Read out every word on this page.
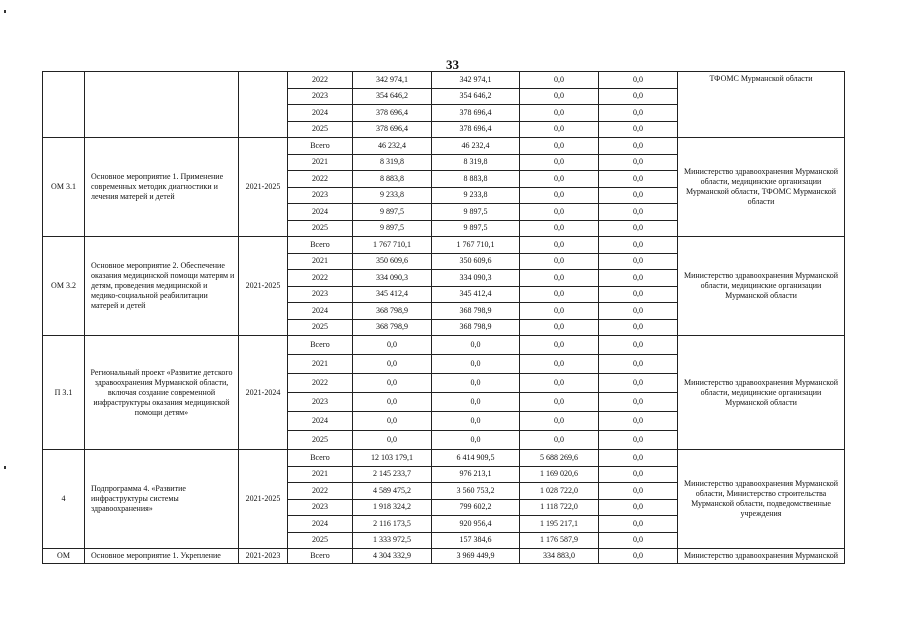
33
			2022	342 974,1	342 974,1	0,0	0,0	ТФОМС Мурманской области
			2023	354 646,2	354 646,2	0,0	0,0	
			2024	378 696,4	378 696,4	0,0	0,0	
			2025	378 696,4	378 696,4	0,0	0,0	
ОМ 3.1	Основное мероприятие 1. Применение современных методик диагностики и лечения матерей и детей	2021-2025	Всего	46 232,4	46 232,4	0,0	0,0	Министерство здравоохранения Мурманской области, медицинские организации Мурманской области, ТФОМС Мурманской области
			2021	8 319,8	8 319,8	0,0	0,0	
			2022	8 883,8	8 883,8	0,0	0,0	
			2023	9 233,8	9 233,8	0,0	0,0	
			2024	9 897,5	9 897,5	0,0	0,0	
			2025	9 897,5	9 897,5	0,0	0,0	
ОМ 3.2	Основное мероприятие 2. Обеспечение оказания медицинской помощи матерям и детям, проведения медицинской и медико-социальной реабилитации матерей и детей	2021-2025	Всего	1 767 710,1	1 767 710,1	0,0	0,0	Министерство здравоохранения Мурманской области, медицинские организации Мурманской области
			2021	350 609,6	350 609,6	0,0	0,0	
			2022	334 090,3	334 090,3	0,0	0,0	
			2023	345 412,4	345 412,4	0,0	0,0	
			2024	368 798,9	368 798,9	0,0	0,0	
			2025	368 798,9	368 798,9	0,0	0,0	
П 3.1	Региональный проект «Развитие детского здравоохранения Мурманской области, включая создание современной инфраструктуры оказания медицинской помощи детям»	2021-2024	Всего	0,0	0,0	0,0	0,0	Министерство здравоохранения Мурманской области, медицинские организации Мурманской области
			2021	0,0	0,0	0,0	0,0	
			2022	0,0	0,0	0,0	0,0	
			2023	0,0	0,0	0,0	0,0	
			2024	0,0	0,0	0,0	0,0	
			2025	0,0	0,0	0,0	0,0	
4	Подпрограмма 4. «Развитие инфраструктуры системы здравоохранения»	2021-2025	Всего	12 103 179,1	6 414 909,5	5 688 269,6	0,0	Министерство здравоохранения Мурманской области, Министерство строительства Мурманской области, подведомственные учреждения
			2021	2 145 233,7	976 213,1	1 169 020,6	0,0	
			2022	4 589 475,2	3 560 753,2	1 028 722,0	0,0	
			2023	1 918 324,2	799 602,2	1 118 722,0	0,0	
			2024	2 116 173,5	920 956,4	1 195 217,1	0,0	
			2025	1 333 972,5	157 384,6	1 176 587,9	0,0	
ОМ	Основное мероприятие 1. Укрепление	2021-2023	Всего	4 304 332,9	3 969 449,9	334 883,0	0,0	Министерство здравоохранения Мурманской
